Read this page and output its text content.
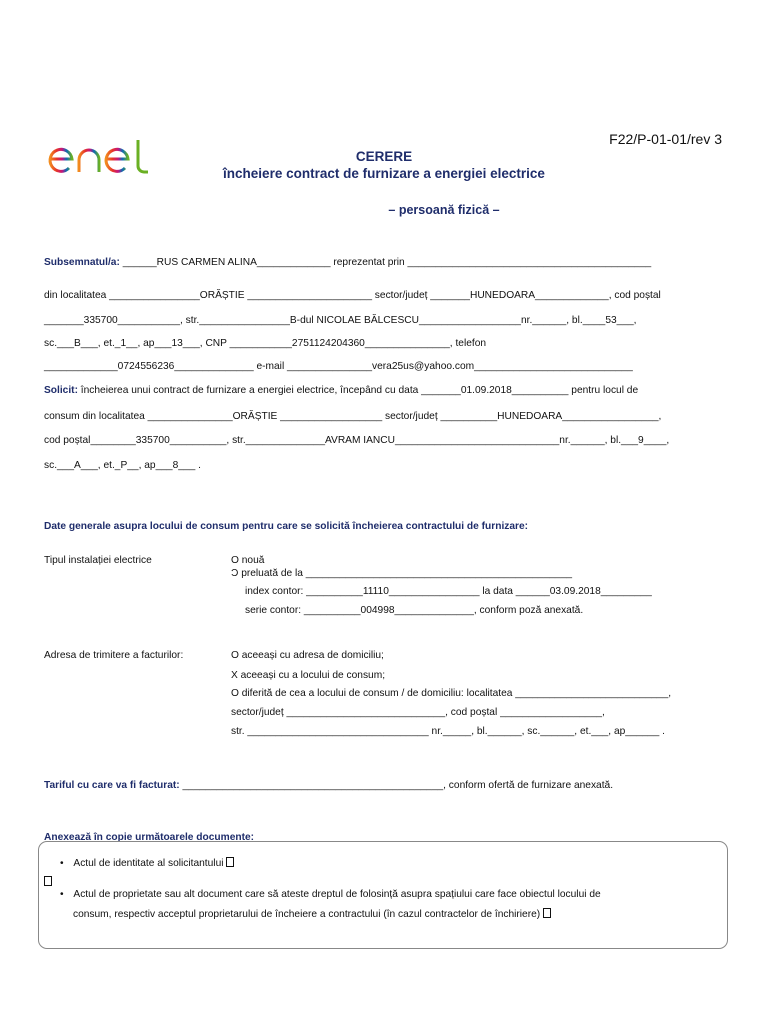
F22/P-01-01/rev 3
CERERE
încheiere contract de furnizare a energiei electrice
– persoană fizică –
Subsemnatul/a: ______RUS CARMEN ALINA_____________ reprezentat prin ___________________________________________
din localitatea ________________ORĂȘTIE ______________________ sector/județ _______HUNEDOARA_____________, cod poștal
_______335700___________, str.________________B-dul NICOLAE BĂLCESCU__________________nr.______, bl.____53___,
sc.___B___, et._1__, ap___13___, CNP ___________2751124204360_______________, telefon
_____________0724556236______________ e-mail _______________vera25us@yahoo.com____________________________
Solicit: încheierea unui contract de furnizare a energiei electrice, începând cu data _______01.09.2018__________ pentru locul de
consum din localitatea _______________ORĂȘTIE __________________ sector/județ __________HUNEDOARA_________________,
cod poștal________335700__________, str.______________AVRAM IANCU_____________________________nr.______, bl.___9____,
sc.___A___, et._P__, ap___8___ .
Date generale asupra locului de consum pentru care se solicită încheierea contractului de furnizare:
Tipul instalației electrice	Ο nouă
Ͻ preluată de la _______________________________________________
index contor: __________11110________________ la data ______03.09.2018_________
serie contor: __________004998______________, conform poză anexată.
Adresa de trimitere a facturilor:	O aceeași cu adresa de domiciliu;
X aceeași cu a locului de consum;
O diferită de cea a locului de consum / de domiciliu: localitatea ___________________________,
sector/județ ____________________________, cod poștal __________________,
str. ________________________________ nr._____, bl.______, sc.______, et.___, ap______ .
Tariful cu care va fi facturat: ______________________________________________, conform ofertă de furnizare anexată.
Anexează în copie următoarele documente:
• Actul de identitate al solicitantului
• Actul de proprietate sau alt document care să ateste dreptul de folosință asupra spațiului care face obiectul locului de
consum, respectiv acceptul proprietarului de încheiere a contractului (în cazul contractelor de închiriere)
